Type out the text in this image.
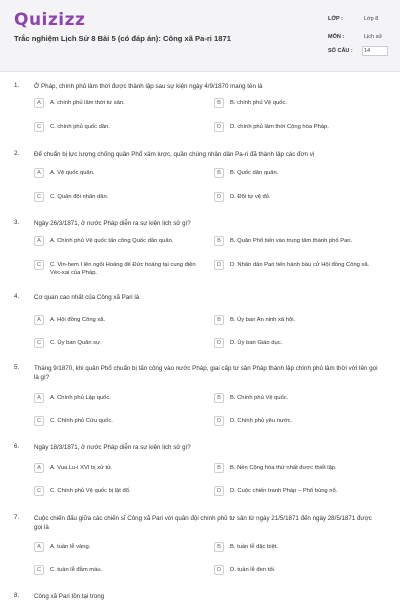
Quizizz
Trắc nghiệm Lịch Sử 8 Bài 5 (có đáp án): Công xã Pa-ri 1871
LỚP :	Lớp 8
MÔN :	Lịch sử
SỐ CÂU : 14
1. Ở Pháp, chính phủ lâm thời được thành lập sau sự kiện ngày 4/9/1870 mang tên là
A	A. chính phủ lâm thời tư sản.	B	B. chính phủ Vệ quốc.
C	C. chính phủ quốc dân.	D	D. chính phủ lâm thời Cộng hòa Pháp.
2. Để chuẩn bị lực lượng chống quân Phổ xâm lược, quần chúng nhân dân Pa-ri đã thành lập các đơn vị
A	A. Vệ quốc quân.	B	B. Quốc dân quân.
C	C. Quân đội nhân dân.	D	D. Đội tự vệ đỏ.
3. Ngày 26/3/1871, ở nước Pháp diễn ra sự kiện lịch sử gì?
A	A. Chính phủ Vệ quốc tấn công Quốc dân quân.	B	B. Quân Phổ tiến vào trung tâm thành phố Pari.
C	C. Vin-hem I lên ngôi Hoàng đế Đức hoàng tại cung điện Véc-xai của Pháp.
D	D. Nhân dân Pari tiến hành bầu cử Hội đồng Công xã.
4. Cơ quan cao nhất của Công xã Pari là
A	A. Hội đồng Công xã.	B	B. Ủy ban An ninh xã hội.
C	C. Ủy ban Quân sự.	D	D. Ủy ban Giáo dục.
5. Tháng 9/1870, khi quân Phổ chuẩn bị tấn công vào nước Pháp, giai cấp tư sản Pháp thành lập chính phủ lâm thời với tên gọi là gì?
A	A. Chính phủ Lập quốc.	B	B. Chính phủ Vệ quốc.
C	C. Chính phủ Cứu quốc.	D	D. Chính phủ yêu nước.
6. Ngày 18/3/1871, ở nước Pháp diễn ra sự kiện lịch sử gì?
A	A. Vua Lu-i XVI bị xử tử.	B	B. Nền Cộng hòa thứ nhất được thiết lập.
C	C. Chính phủ Vệ quốc bị lật đổ.	D	D. Cuộc chiến tranh Pháp – Phổ bùng nổ.
7. Cuộc chiến đấu giữa các chiến sĩ Công xã Pari với quân đội chính phủ tư sản từ ngày 21/5/1871 đến ngày 28/5/1871 được gọi là
A	A. tuần lễ vàng.	B	B. tuần lễ đặc biệt.
C	C. tuần lễ đẫm máu.	D	D. tuần lễ đen tối.
8. Công xã Pari tồn tại trong
